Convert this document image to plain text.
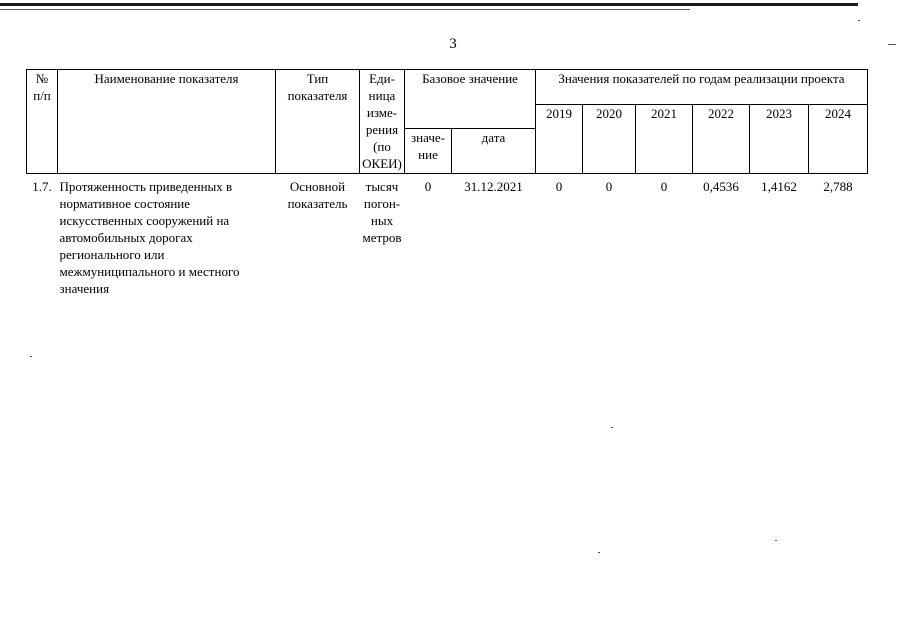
3
№ п/п	Наименование показателя	Тип показателя	Еди-ница изме-рения (по ОКЕИ)	Базовое значение		Значения показателей по годам реализации проекта					
						2019	2020	2021	2022	2023	2024
				значе-ние	дата						
1.7.	Протяженность приведенных в нормативное состояние искусственных сооружений на автомобильных дорогах регионального или межмуниципального и местного значения	Основной показатель	тысяч погон-ных метров	0	31.12.2021	0	0	0	0,4536	1,4162	2,788
